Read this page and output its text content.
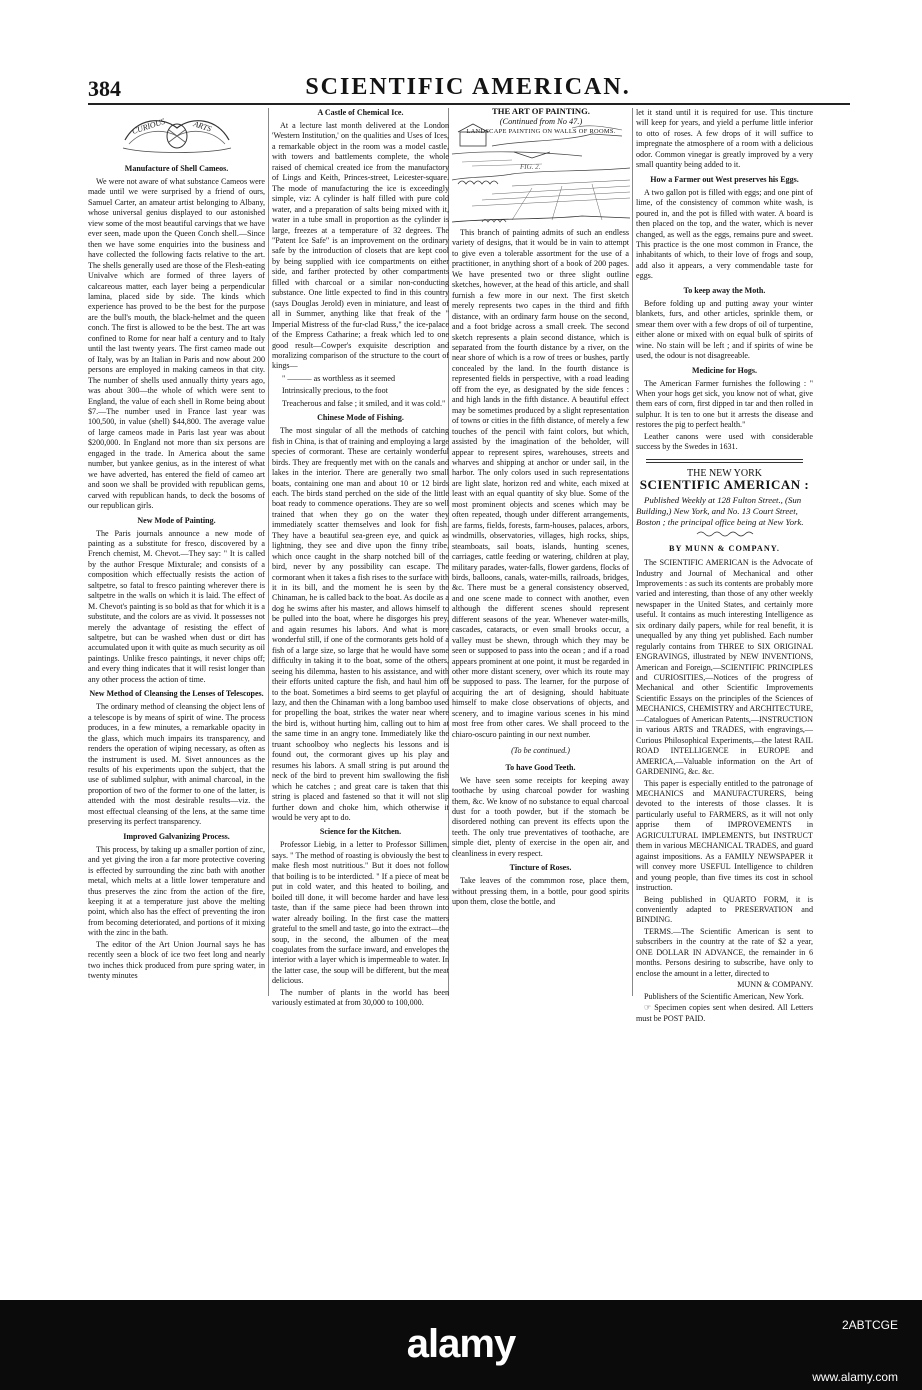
384	SCIENTIFIC AMERICAN.
CURIOUS	ARTS
Manufacture of Shell Cameos.

We were not aware of what substance Cameos were made until we were surprised by a friend of ours, Samuel Carter, an amateur artist belonging to Albany, whose universal genius displayed to our astonished view some of the most beautiful carvings that we have ever seen, made upon the Queen Conch shell.—Since then we have some enquiries into the business and have collected the following facts relative to the art. The shells generally used are those of the Flesh-eating Univalve which are formed of three layers of calcareous matter, each layer being a perpendicular lamina, placed side by side. The kinds which experience has proved to be the best for the purpose are the bull's mouth, the black-helmet and the queen conch. The first is allowed to be the best. The art was confined to Rome for near half a century and to Italy until the last twenty years. The first cameo made out of Italy, was by an Italian in Paris and now about 200 persons are employed in making cameos in that city. The number of shells used annually thirty years ago, was about 300—the whole of which were sent to England, the value of each shell in Rome being about $7.—The number used in France last year was 100,500, in value (shell) $44,800. The average value of large cameos made in Paris last year was about $200,000. In England not more than six persons are engaged in the trade. In America about the same number, but yankee genius, as in the interest of what we have adverted, has entered the field of cameo art and soon we shall be provided with republican gems, carved with republican hands, to deck the bosoms of our republican girls.

New Mode of Painting.

The Paris journals announce a new mode of painting as a substitute for fresco, discovered by a French chemist, M. Chevot.—They say: " It is called by the author Fresque Mixturale; and consists of a composition which effectually resists the action of saltpetre, so fatal to fresco painting wherever there is saltpetre in the walls on which it is laid. The effect of M. Chevot's painting is so bold as that for which it is a substitute, and the colors are as vivid. It possesses not merely the advantage of resisting the effect of saltpetre, but can be washed when dust or dirt has accumulated upon it with quite as much security as oil paintings. Unlike fresco paintings, it never chips off; and every thing indicates that it will resist longer than any other process the action of time.

New Method of Cleansing the Lenses of Telescopes.

The ordinary method of cleansing the object lens of a telescope is by means of spirit of wine. The process produces, in a few minutes, a remarkable opacity in the glass, which much impairs its transparency, and renders the operation of wiping necessary, as often as the instrument is used. M. Sivet announces as the results of his experiments upon the subject, that the use of sublimed sulphur, with animal charcoal, in the proportion of two of the former to one of the latter, is attended with the most desirable results—viz. the most effectual cleansing of the lens, at the same time preserving its perfect transparency.

Improved Galvanizing Process.

This process, by taking up a smaller portion of zinc, and yet giving the iron a far more protective covering is effected by surrounding the zinc bath with another metal, which melts at a little lower temperature and thus preserves the zinc from the action of the fire, keeping it at a temperature just above the melting point, which also has the effect of preventing the iron from becoming deteriorated, and portions of it mixing with the zinc in the bath.

The editor of the Art Union Journal says he has recently seen a block of ice two feet long and nearly two inches thick produced from pure spring water, in twenty minutes

A Castle of Chemical Ice.

At a lecture last month delivered at the London 'Western Institution,' on the qualities and Uses of Ices, a remarkable object in the room was a model castle, with towers and battlements complete, the whole raised of chemical created ice from the manufactory of Lings and Keith, Princes-street, Leicester-square. The mode of manufacturing the ice is exceedingly simple, viz: A cylinder is half filled with pure cold water, and a preparation of salts being mixed with it, water in a tube small in proportion as the cylinder is large, freezes at a temperature of 32 degrees. The "Patent Ice Safe" is an improvement on the ordinary safe by the introduction of closets that are kept cool by being supplied with ice compartments on either side, and farther protected by other compartments filled with charcoal or a similar non-conducting substance. One little expected to find in this country (says Douglas Jerold) even in miniature, and least of all in Summer, anything like that freak of the " Imperial Mistress of the fur-clad Russ," the ice-palace of the Empress Catharine; a freak which led to one good result—Cowper's exquisite description and moralizing comparison of the structure to the court of kings—

" ——— as worthless as it seemed

Intrinsically precious, to the foot

Treacherous and false ; it smiled, and it was cold."

Chinese Mode of Fishing.

The most singular of all the methods of catching fish in China, is that of training and employing a large species of cormorant. These are certainly wonderful birds. They are frequently met with on the canals and lakes in the interior. There are generally two small boats, containing one man and about 10 or 12 birds each. The birds stand perched on the side of the little boat ready to commence operations. They are so well trained that when they go on the water they immediately scatter themselves and look for fish. They have a beautiful sea-green eye, and quick as lightning, they see and dive upon the finny tribe, which once caught in the sharp notched bill of the bird, never by any possibility can escape. The cormorant when it takes a fish rises to the surface with it in its bill, and the moment he is seen by the Chinaman, he is called back to the boat. As docile as a dog he swims after his master, and allows himself to be pulled into the boat, where he disgorges his prey, and again resumes his labors. And what is more wonderful still, if one of the cormorants gets hold of a fish of a large size, so large that he would have some difficulty in taking it to the boat, some of the others, seeing his dilemma, hasten to his assistance, and with their efforts united capture the fish, and haul him off to the boat. Sometimes a bird seems to get playful or lazy, and then the Chinaman with a long bamboo used for propelling the boat, strikes the water near where the bird is, without hurting him, calling out to him at the same time in an angry tone. Immediately like the truant schoolboy who neglects his lessons and is found out, the cormorant gives up his play and resumes his labors. A small string is put around the neck of the bird to prevent him swallowing the fish which he catches ; and great care is taken that this string is placed and fastened so that it will not slip further down and choke him, which otherwise it would be very apt to do.

Science for the Kitchen.

Professor Liebig, in a letter to Professor Sillimen, says. " The method of roasting is obviously the best to make flesh most nutritious." But it does not follow that boiling is to be interdicted. " If a piece of meat be put in cold water, and this heated to boiling, and boiled till done, it will become harder and have less taste, than if the same piece had been thrown into water already boiling. In the first case the matters grateful to the smell and taste, go into the extract—the soup, in the second, the albumen of the meat coagulates from the surface inward, and envelopes the interior with a layer which is impermeable to water. In the latter case, the soup will be different, but the meat delicious.

The number of plants in the world has been variously estimated at from 30,000 to 100,000.

THE ART OF PAINTING.
(Continued from No 47.)
LANDSCAPE PAINTING ON WALLS OF ROOMS.
FIG. 2.

This branch of painting admits of such an endless variety of designs, that it would be in vain to attempt to give even a tolerable assortment for the use of a practitioner, in anything short of a book of 200 pages. We have presented two or three slight outline sketches, however, at the head of this article, and shall furnish a few more in our next. The first sketch merely represents two capes in the third and fifth distance, with an ordinary farm house on the second, and a foot bridge across a small creek. The second sketch represents a plain second distance, which is separated from the fourth distance by a river, on the near shore of which is a row of trees or bushes, partly concealed by the land. In the fourth distance is represented fields in perspective, with a road leading off from the eye, as designated by the side fences : and high lands in the fifth distance. A beautiful effect may be sometimes produced by a slight representation of towns or cities in the fifth distance, of merely a few touches of the pencil with faint colors, but which, assisted by the imagination of the beholder, will appear to represent spires, warehouses, streets and wharves and shipping at anchor or under sail, in the harbor. The only colors used in such representations are light slate, horizon red and white, each mixed at least with an equal quantity of sky blue. Some of the most prominent objects and scenes which may be often repeated, though under different arrangements, are farms, fields, forests, farm-houses, palaces, arbors, windmills, observatories, villages, high rocks, ships, steamboats, sail boats, islands, hunting scenes, carriages, cattle feeding or watering, children at play, military parades, water-falls, flower gardens, flocks of birds, balloons, canals, water-mills, railroads, bridges, &c. There must be a general consistency observed, and one scene made to connect with another, even although the different scenes should represent different seasons of the year. Whenever water-mills, cascades, cataracts, or even small brooks occur, a valley must be shewn, through which they may be seen or supposed to pass into the ocean ; and if a road appears prominent at one point, it must be regarded in other more distant scenery, over which its route may be supposed to pass. The learner, for the purpose of acquiring the art of designing, should habituate himself to make close observations of objects, and scenery, and to imagine various scenes in his mind most free from other cares. We shall proceed to the chiaro-oscuro painting in our next number.

(To be continued.)

To have Good Teeth.

We have seen some receipts for keeping away toothache by using charcoal powder for washing them, &c. We know of no substance to equal charcoal dust for a tooth powder, but if the stomach be disordered nothing can prevent its effects upon the teeth. The only true preventatives of toothache, are simple diet, plenty of exercise in the open air, and cleanliness in every respect.

Tincture of Roses.

Take leaves of the commmon rose, place them, without pressing them, in a bottle, pour good spirits upon them, close the bottle, and

let it stand until it is required for use. This tincture will keep for years, and yield a perfume little inferior to otto of roses. A few drops of it will suffice to impregnate the atmosphere of a room with a delicious odor. Common vinegar is greatly improved by a very small quantity being added to it.

How a Farmer out West preserves his Eggs.

A two gallon pot is filled with eggs; and one pint of lime, of the consistency of common white wash, is poured in, and the pot is filled with water. A board is then placed on the top, and the water, which is never changed, as well as the eggs, remains pure and sweet. This practice is the one most common in France, the inhabitants of which, to their love of frogs and soup, add also it appears, a very commendable taste for eggs.

To keep away the Moth.

Before folding up and putting away your winter blankets, furs, and other articles, sprinkle them, or smear them over with a few drops of oil of turpentine, either alone or mixed with on equal bulk of spirits of wine. No stain will be left ; and if spirits of wine be used, the odour is not disagreeable.

Medicine for Hogs.

The American Farmer furnishes the following : " When your hogs get sick, you know not of what, give them ears of corn, first dipped in tar and then rolled in sulphur. It is ten to one but it arrests the disease and restores the pig to perfect health."

Leather canons were used with considerable success by the Swedes in 1631.

THE NEW YORK
SCIENTIFIC AMERICAN :

Published Weekly at 128 Fulton Street., (Sun Building,) New York, and No. 13 Court Street, Boston ; the principal office being at New York.

BY MUNN & COMPANY.

The SCIENTIFIC AMERICAN is the Advocate of Industry and Journal of Mechanical and other Improvements : as such its contents are probably more varied and interesting, than those of any other weekly newspaper in the United States, and certainly more useful. It contains as much interesting Intelligence as six ordinary daily papers, while for real benefit, it is unequalled by any thing yet published. Each number regularly contains from THREE to SIX ORIGINAL ENGRAVINGS, illustrated by NEW INVENTIONS, American and Foreign,—SCIENTIFIC PRINCIPLES and CURIOSITIES,—Notices of the progress of Mechanical and other Scientific Improvements Scientific Essays on the principles of the Sciences of MECHANICS, CHEMISTRY and ARCHITECTURE,—Catalogues of American Patents,—INSTRUCTION in various ARTS and TRADES, with engravings,—Curious Philosophical Experiments,—the latest RAIL ROAD INTELLIGENCE in EUROPE and AMERICA,—Valuable information on the Art of GARDENING, &c. &c.

This paper is especially entitled to the patronage of MECHANICS and MANUFACTURERS, being devoted to the interests of those classes. It is particularly useful to FARMERS, as it will not only apprise them of IMPROVEMENTS in AGRICULTURAL IMPLEMENTS, but INSTRUCT them in various MECHANICAL TRADES, and guard against impositions. As a FAMILY NEWSPAPER it will convey more USEFUL Intelligence to children and young people, than five times its cost in school instruction.

Being published in QUARTO FORM, it is conveniently adapted to PRESERVATION and BINDING.

TERMS.—The Scientific American is sent to subscribers in the country at the rate of $2 a year, ONE DOLLAR IN ADVANCE, the remainder in 6 months. Persons desiring to subscribe, have only to enclose the amount in a letter, directed to

MUNN & COMPANY.

Publishers of the Scientific American, New York.

☞ Specimen copies sent when desired. All Letters must be POST PAID.

alamy	2ABTCGE
www.alamy.com
